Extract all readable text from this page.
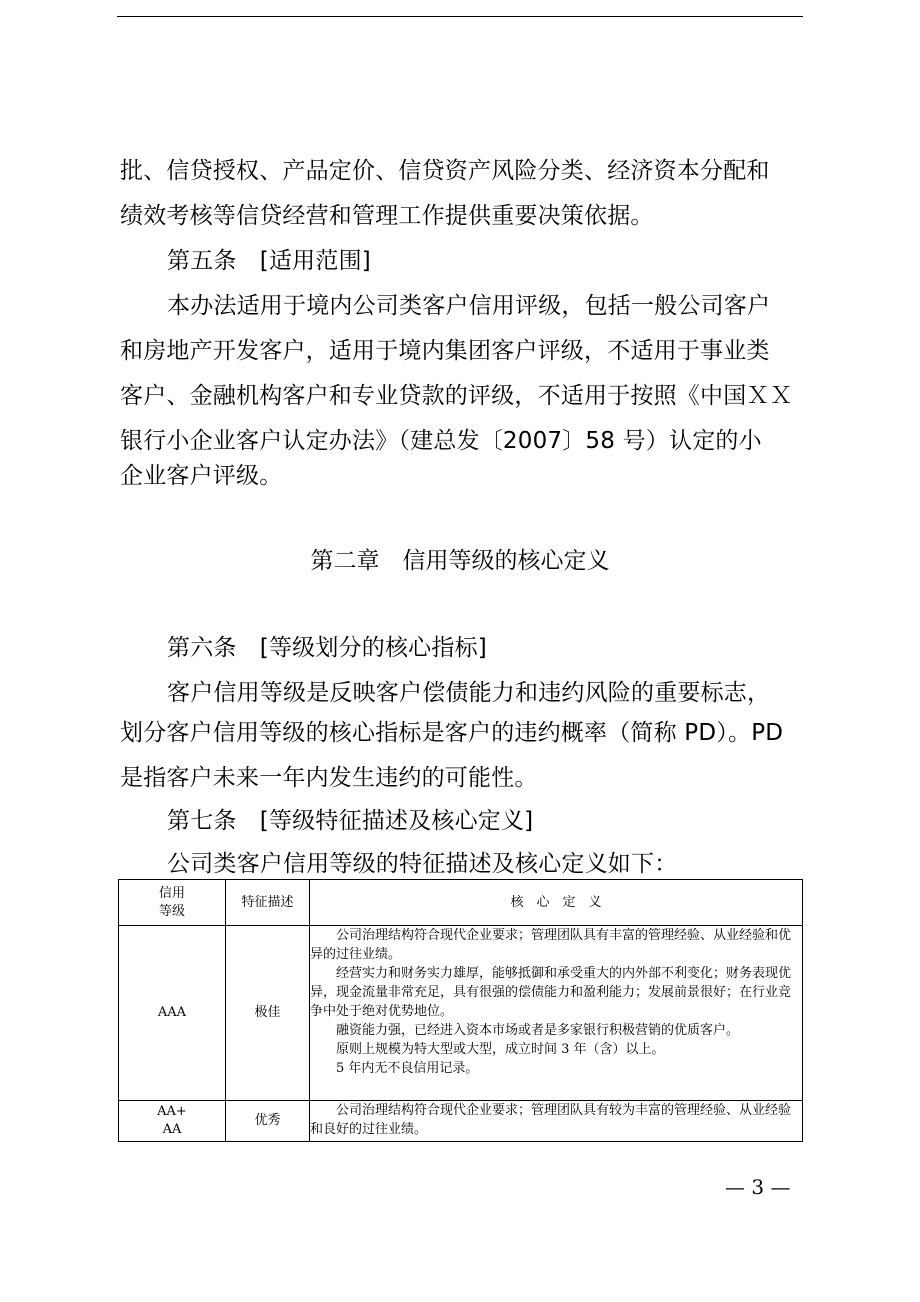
批、信贷授权、产品定价、信贷资产风险分类、经济资本分配和
绩效考核等信贷经营和管理工作提供重要决策依据。
第五条　[适用范围]
本办法适用于境内公司类客户信用评级，包括一般公司客户
和房地产开发客户，适用于境内集团客户评级，不适用于事业类
客户、金融机构客户和专业贷款的评级，不适用于按照《中国ＸＸ
银行小企业客户认定办法》（建总发〔2007〕58 号）认定的小
企业客户评级。
第二章　信用等级的核心定义
第六条　[等级划分的核心指标]
客户信用等级是反映客户偿债能力和违约风险的重要标志，
划分客户信用等级的核心指标是客户的违约概率（简称 PD）。PD
是指客户未来一年内发生违约的可能性。
第七条　[等级特征描述及核心定义]
公司类客户信用等级的特征描述及核心定义如下：
信用
等级	特征描述	核　心　定　义

AAA	极佳	公司治理结构符合现代企业要求；管理团队具有丰富的管理经验、从业经验和优异的过往业绩。

经营实力和财务实力雄厚，能够抵御和承受重大的内外部不利变化；财务表现优异，现金流量非常充足，具有很强的偿债能力和盈利能力；发展前景很好；在行业竞争中处于绝对优势地位。

融资能力强，已经进入资本市场或者是多家银行积极营销的优质客户。

原则上规模为特大型或大型，成立时间 3 年（含）以上。

5 年内无不良信用记录。

AA+
AA	优秀	公司治理结构符合现代企业要求；管理团队具有较为丰富的管理经验、从业经验和良好的过往业绩。

— 3 —
